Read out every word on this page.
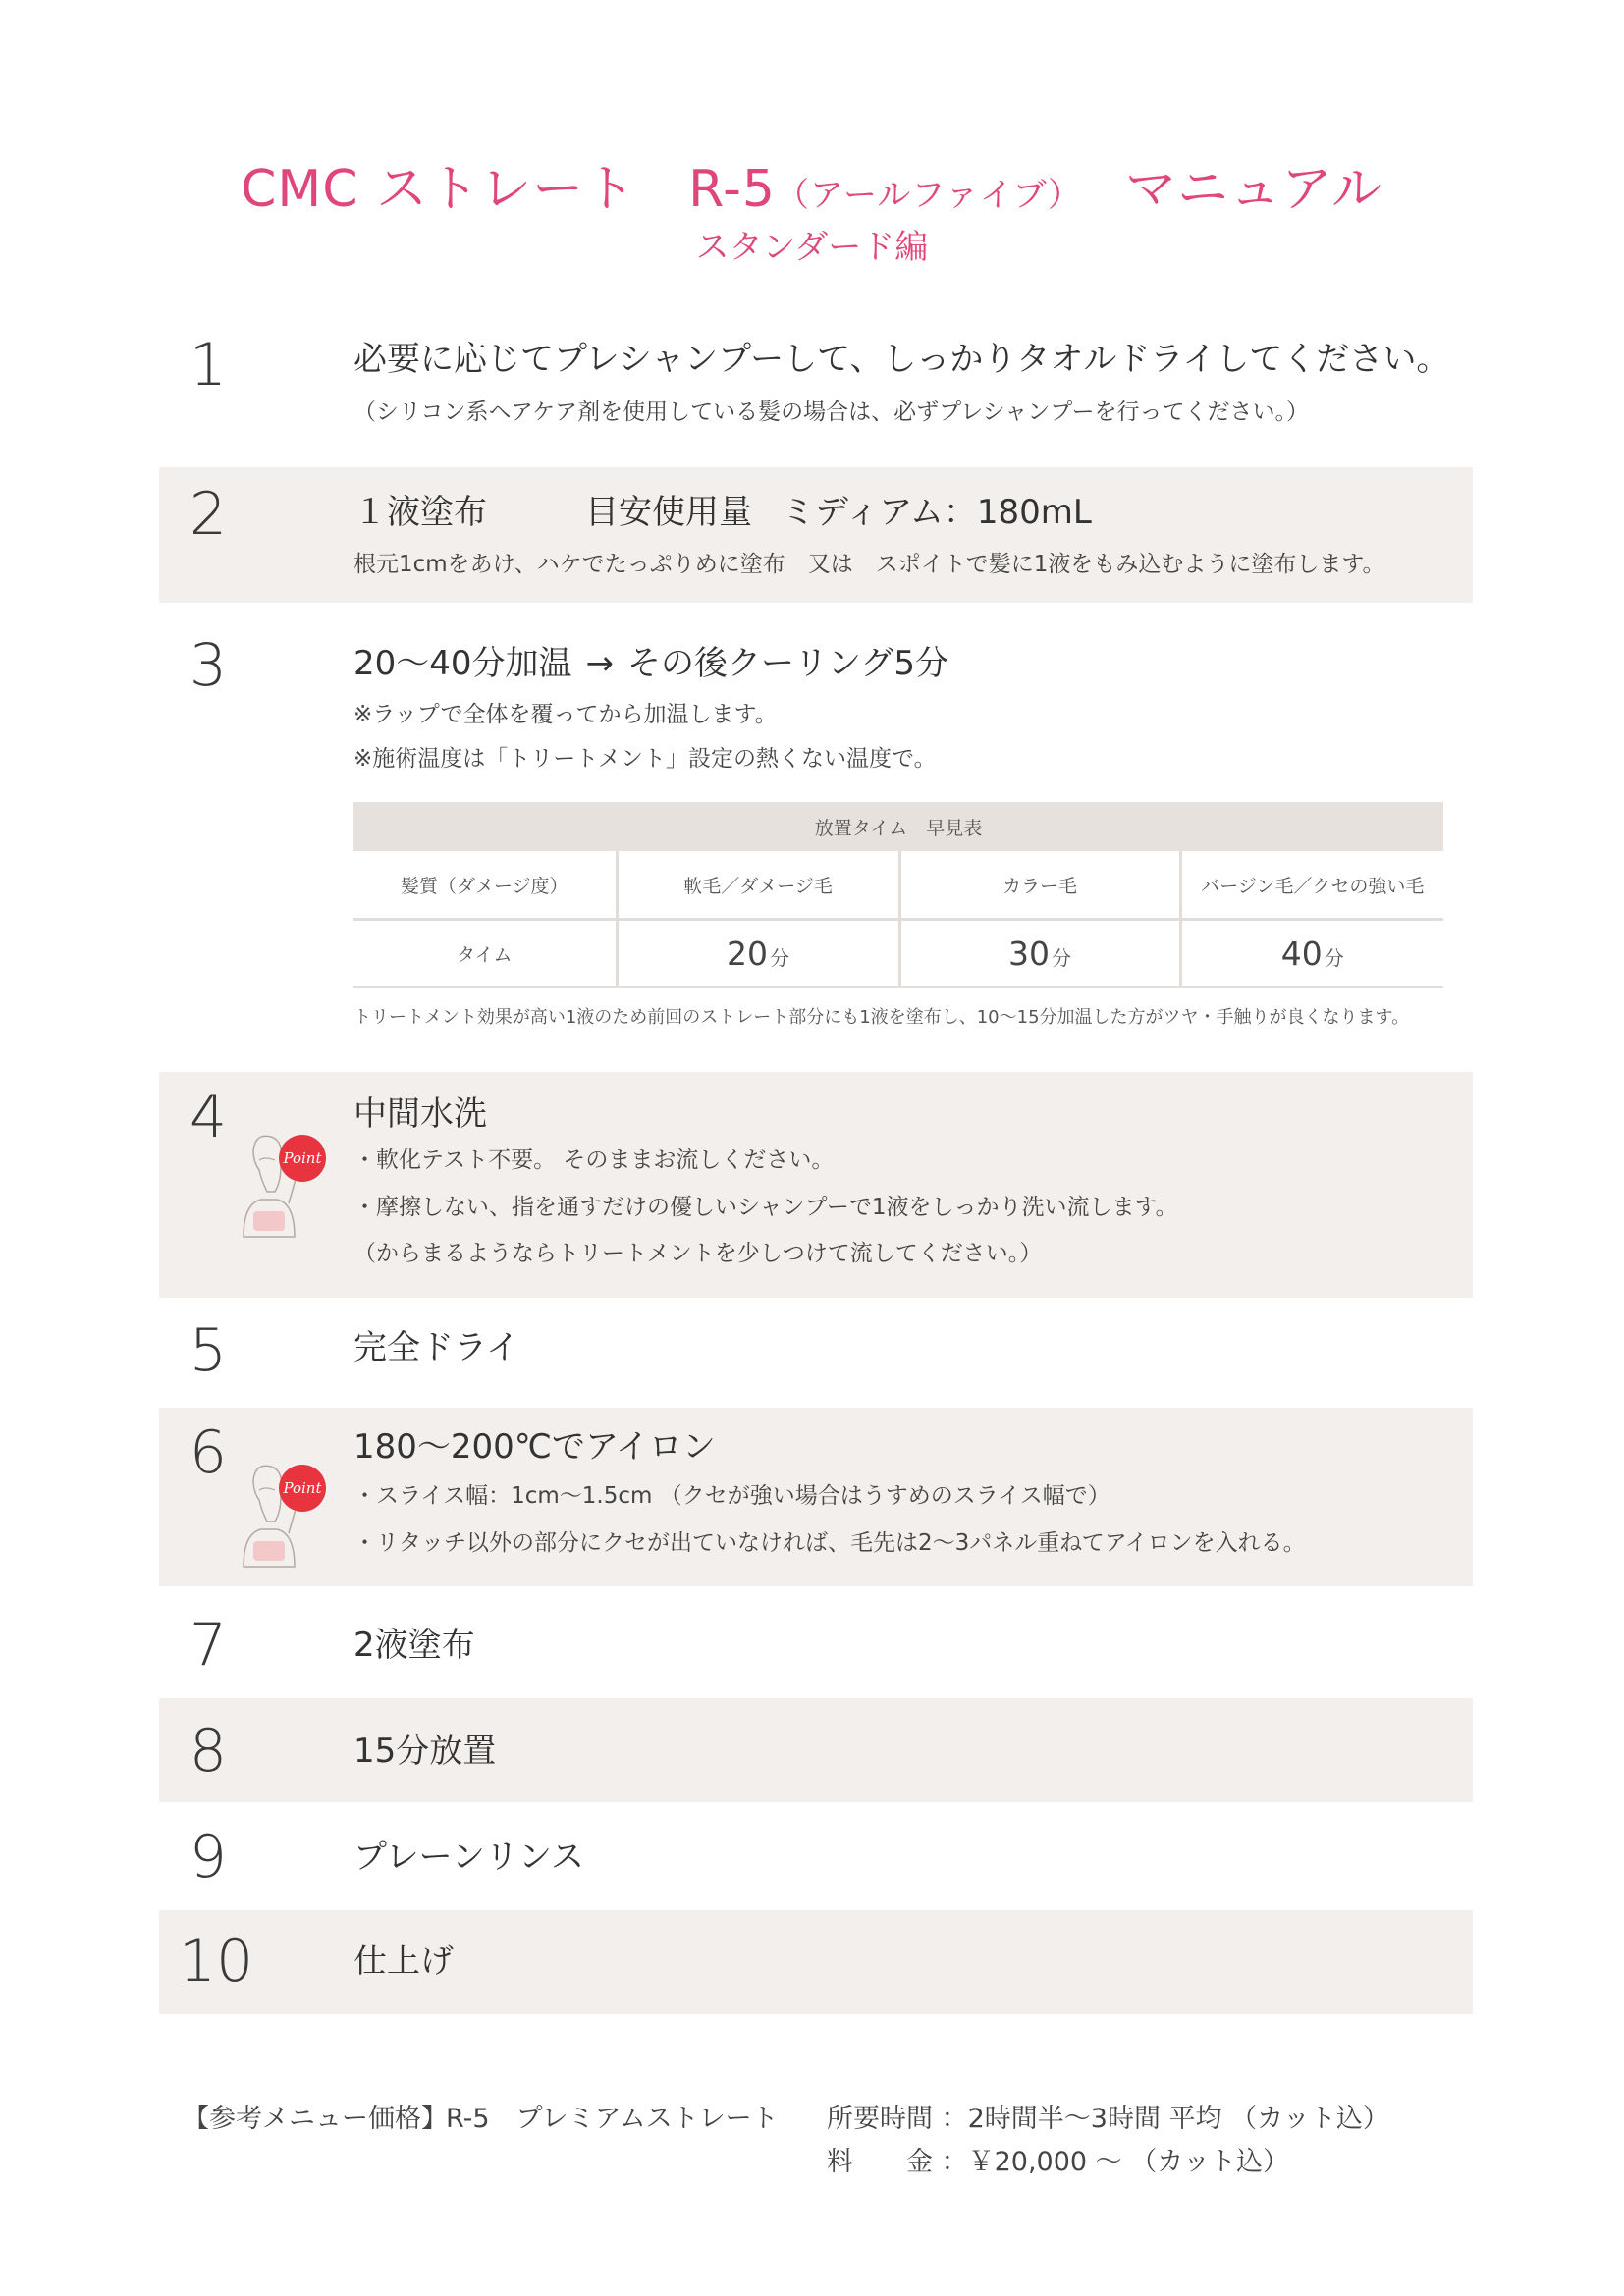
CMC ストレート　R-5（アールファイブ） マニュアル
スタンダード編
1	必要に応じてプレシャンプーして、しっかりタオルドライしてください。
（シリコン系ヘアケア剤を使用している髪の場合は、必ずプレシャンプーを行ってください。）
2	１液塗布	目安使用量 ミディアム：180mL
根元1cmをあけ、ハケでたっぷりめに塗布　又は　スポイトで髪に1液をもみ込むように塗布します。
3	20～40分加温 → その後クーリング5分
※ラップで全体を覆ってから加温します。
※施術温度は「トリートメント」設定の熱くない温度で。
放置タイム　早見表			
髪質（ダメージ度）	軟毛／ダメージ毛	カラー毛	バージン毛／クセの強い毛
タイム	20 分	30 分	40 分
トリートメント効果が高い1液のため前回のストレート部分にも1液を塗布し、10～15分加温した方がツヤ・手触りが良くなります。
4	中間水洗
・軟化テスト不要。 そのままお流しください。
・摩擦しない、指を通すだけの優しいシャンプーで1液をしっかり洗い流します。
（からまるようならトリートメントを少しつけて流してください。）
Point
5	完全ドライ
6	180～200℃でアイロン
・スライス幅：1cm～1.5cm （クセが強い場合はうすめのスライス幅で）
・リタッチ以外の部分にクセが出ていなければ、毛先は2～3パネル重ねてアイロンを入れる。
Point
7	2液塗布
8	15分放置
9	プレーンリンス
10	仕上げ
【参考メニュー価格】
R-5　プレミアムストレート 所要時間 ：2時間半～3時間 平均 （カット込）
料　　金 ：￥20,000 ～ （カット込）
